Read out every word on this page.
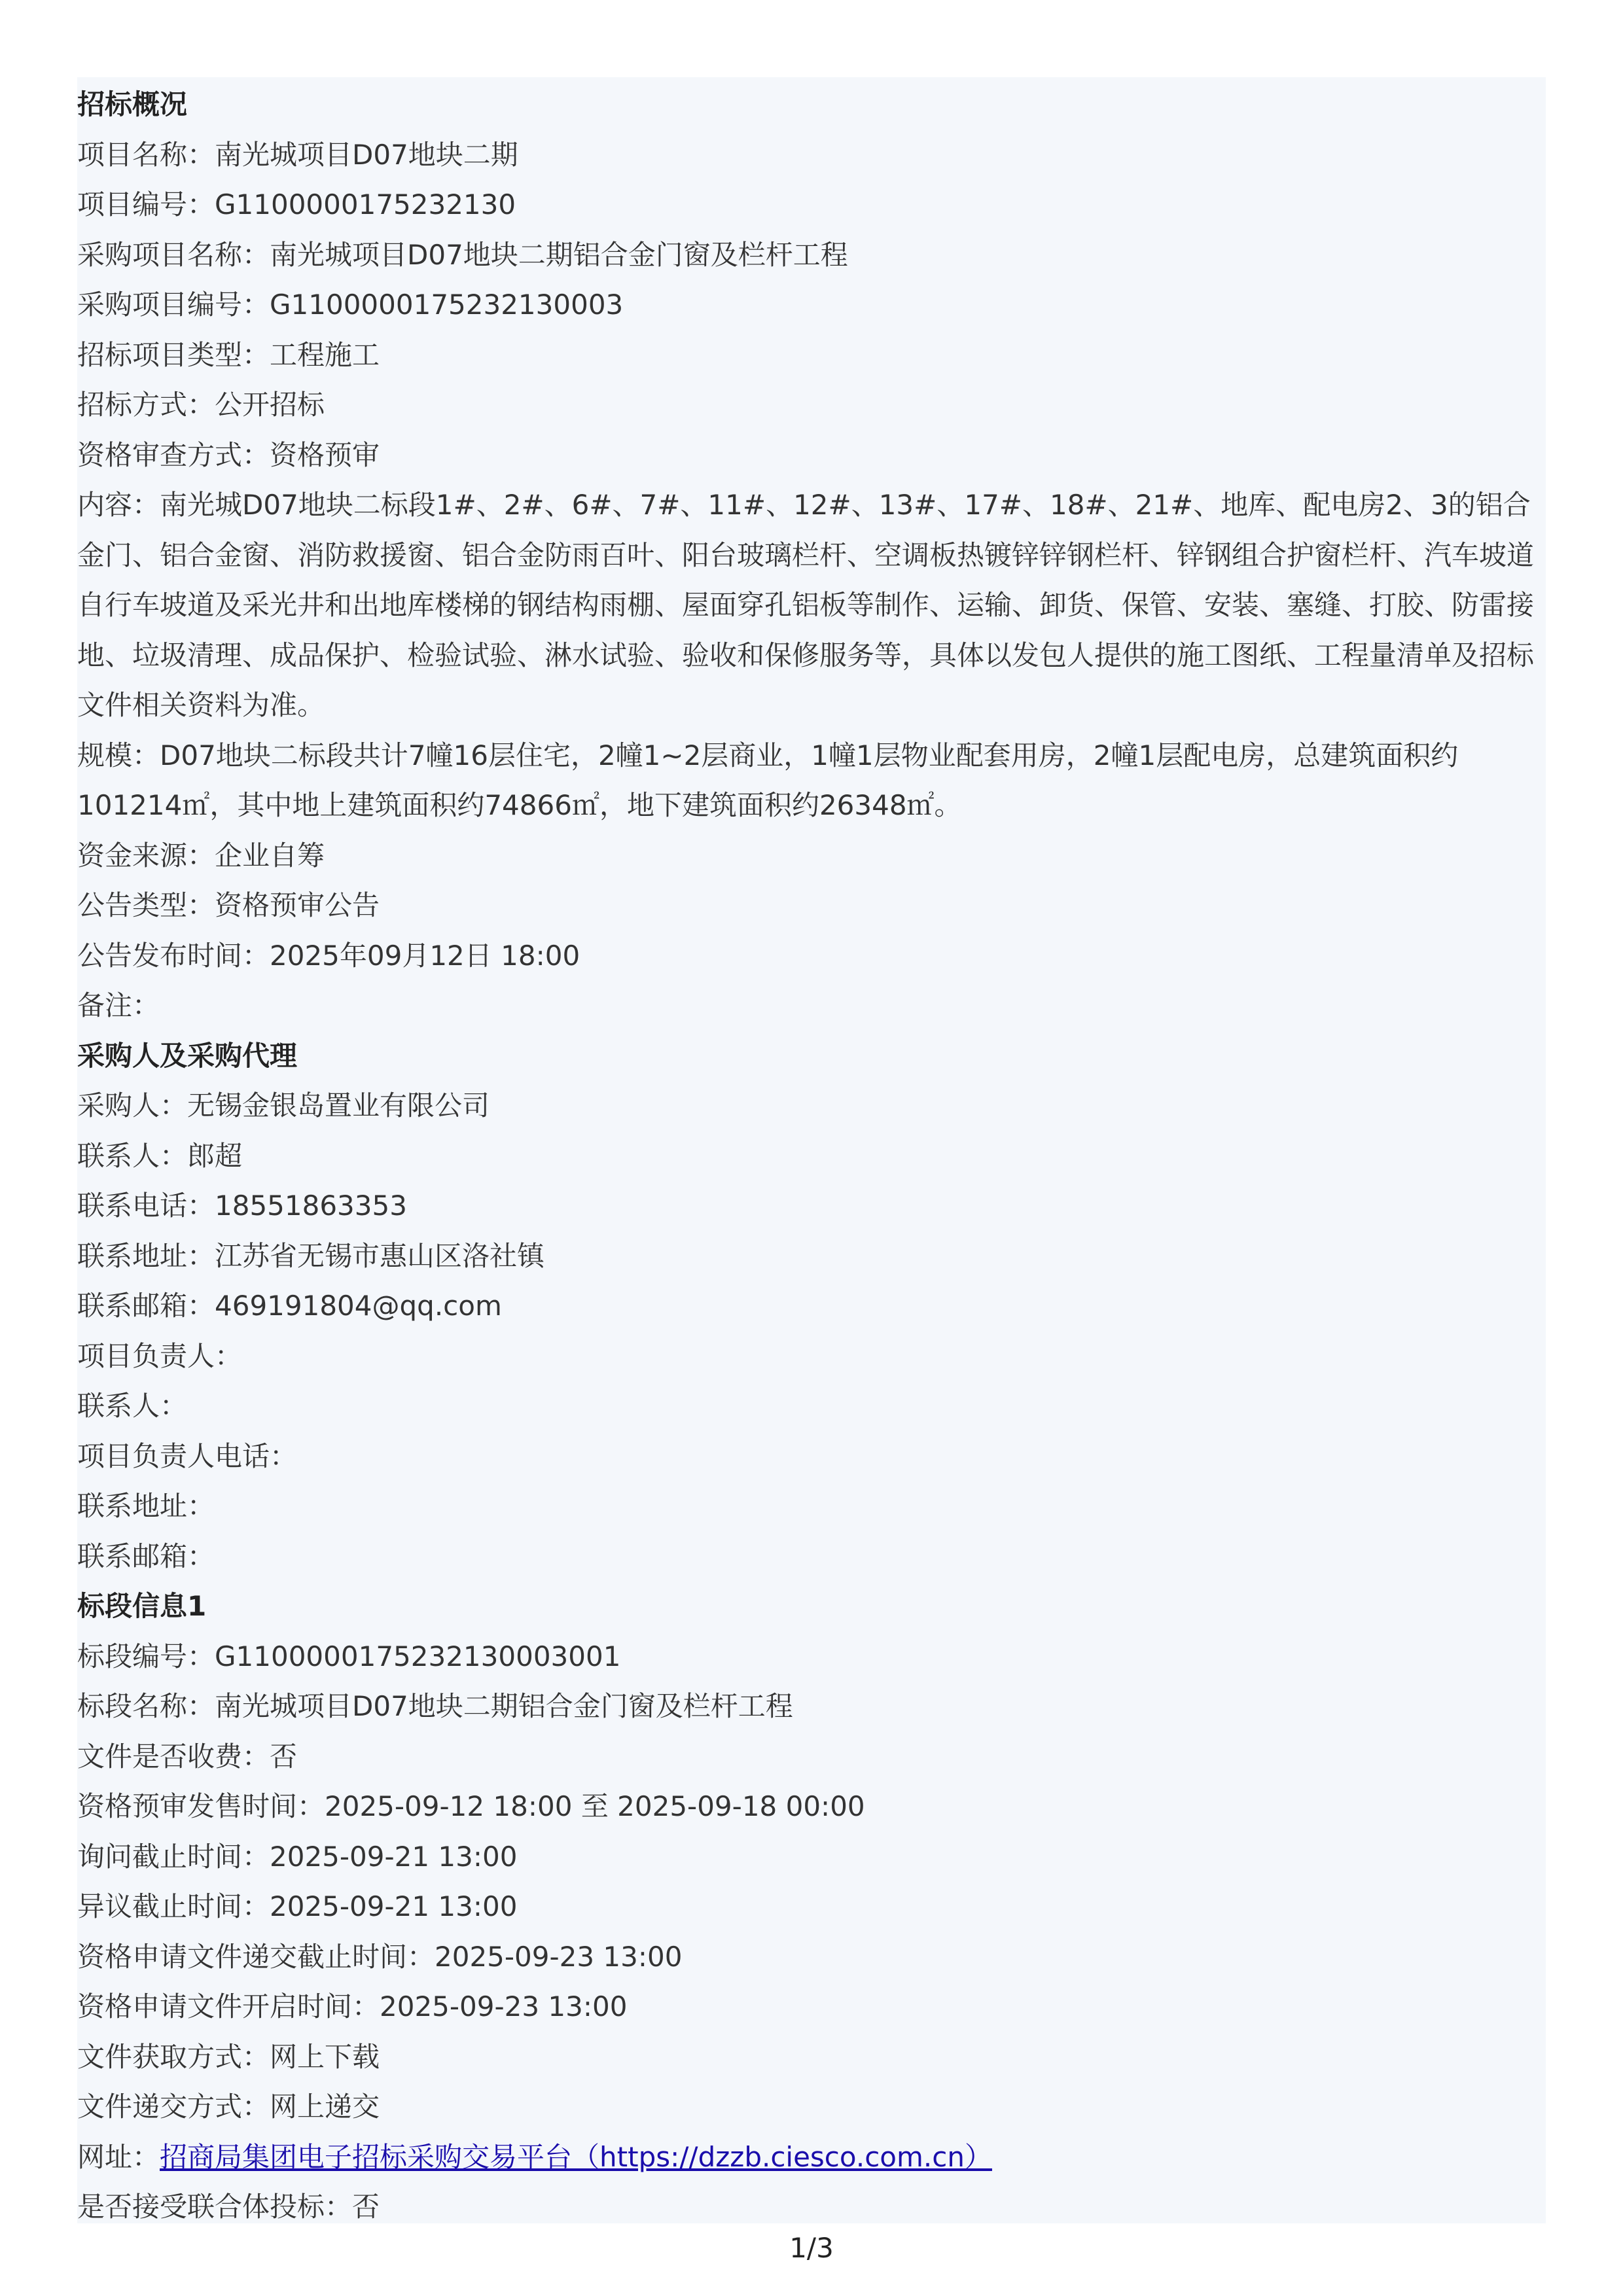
招标概况
项目名称：南光城项目D07地块二期
项目编号：G1100000175232130
采购项目名称：南光城项目D07地块二期铝合金门窗及栏杆工程
采购项目编号：G1100000175232130003
招标项目类型：工程施工
招标方式：公开招标
资格审查方式：资格预审
内容：南光城D07地块二标段1#、2#、6#、7#、11#、12#、13#、17#、18#、21#、地库、配电房2、3的铝合金门、铝合金窗、消防救援窗、铝合金防雨百叶、阳台玻璃栏杆、空调板热镀锌锌钢栏杆、锌钢组合护窗栏杆、汽车坡道自行车坡道及采光井和出地库楼梯的钢结构雨棚、屋面穿孔铝板等制作、运输、卸货、保管、安装、塞缝、打胶、防雷接地、垃圾清理、成品保护、检验试验、淋水试验、验收和保修服务等，具体以发包人提供的施工图纸、工程量清单及招标文件相关资料为准。
规模：D07地块二标段共计7幢16层住宅，2幢1~2层商业，1幢1层物业配套用房，2幢1层配电房，总建筑面积约101214㎡，其中地上建筑面积约74866㎡，地下建筑面积约26348㎡。
资金来源：企业自筹
公告类型：资格预审公告
公告发布时间：2025年09月12日 18:00
备注：
采购人及采购代理
采购人：无锡金银岛置业有限公司
联系人：郎超
联系电话：18551863353
联系地址：江苏省无锡市惠山区洛社镇
联系邮箱：469191804@qq.com
项目负责人：
联系人：
项目负责人电话：
联系地址：
联系邮箱：
标段信息1
标段编号：G1100000175232130003001
标段名称：南光城项目D07地块二期铝合金门窗及栏杆工程
文件是否收费：否
资格预审发售时间：2025-09-12 18:00 至 2025-09-18 00:00
询问截止时间：2025-09-21 13:00
异议截止时间：2025-09-21 13:00
资格申请文件递交截止时间：2025-09-23 13:00
资格申请文件开启时间：2025-09-23 13:00
文件获取方式：网上下载
文件递交方式：网上递交
网址：招商局集团电子招标采购交易平台（https://dzzb.ciesco.com.cn）
是否接受联合体投标：否
1/3
